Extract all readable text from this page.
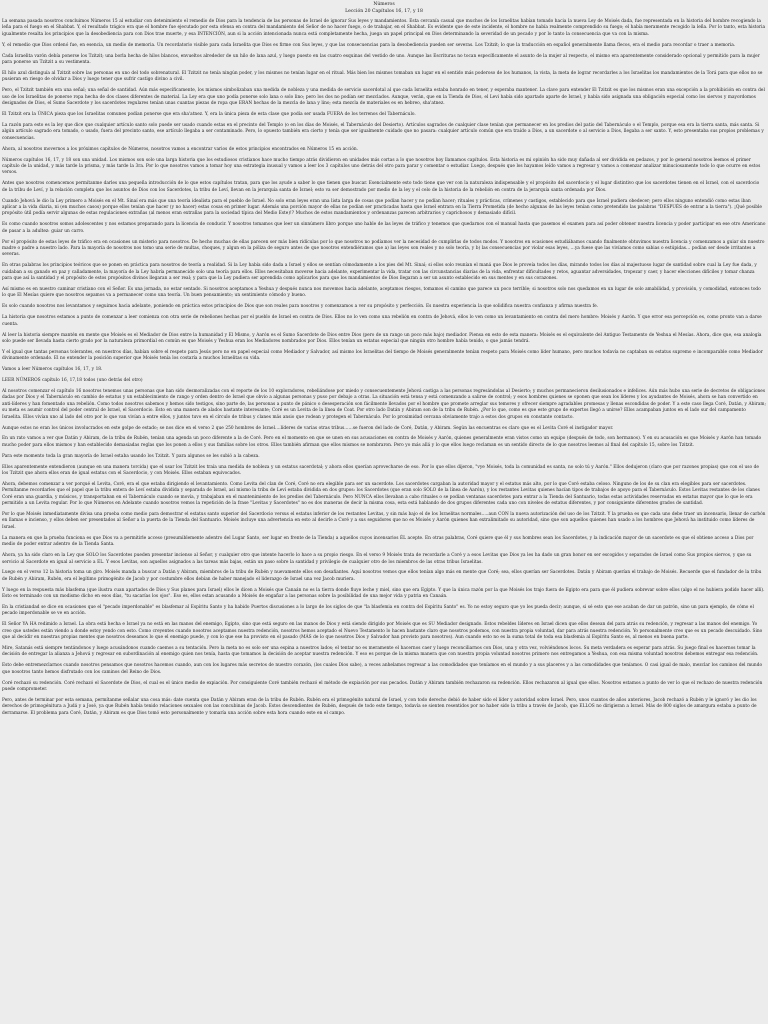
Números
Lección 20 Capítulos 16, 17, y 18

La semana pasada nosotros concluimos Números 15 al estudiar con detenimiento el remedio de Dios para la tendencia de las personas de Israel de ignorar Sus leyes y mandamientos. Esta cercanía casual que muchos de los Israelitas habían tomado hacia la nueva Ley de Moisés dada, fue representada en la historia del hombre recogiendo la leña para el fuego en el Shabbat. Y, el resultado trágico era que el hombre fue ejecutado por esta ofensa en contra del mandamiento del Señor de no hacer fuego, o de trabajar, en el Shabbat. Es evidente que de este incidente, el hombre no había realmente comprendido su fuego; el había meramente recogido la leña. Por lo tanto, esta historia igualmente resalta los principios que la desobediencia para con Dios trae muerte, y esa INTENCIÓN, aun si la acción intencionada nunca está completamente hecha, juega un papel principal en Dios determinando la severidad de un pecado y por lo tanto la consecuencia que va con la misma.

Y, el remedio que Dios ordenó fue, en esencia, un medio de memoria. Un recordatorio visible para cada Israelita que Dios es firme con Sus leyes, y que las consecuencias para la desobediencia pueden ser severas. Los Tzitzit; lo que la traducción en español generalmente llama flecos, era el medio para recordar o traer a memoria.

Cada Israelita varón debía ponerse los Tzitzit; una borla hecha de hilos blancos, envueltos alrededor de un hilo de lana azul, y luego puesto en las cuatro esquinas del vestido de uno. Aunque las Escrituras no tocan específicamente el asunto de la mujer al respecto, el mismo era aparentemente considerado opcional y permitido para la mujer para ponerse un Tzitzit a su vestimenta.

El hilo azul distinguía al Tzitzit sobre las personas en uno del todo sobrenatural. El Tzitzit no tenía ningún poder, y los mismos no tenían lugar en el ritual. Más bien los mismos tomaban un lugar en el sentido más poderoso de los humanos, la vista, la meta de lograr recordarles a los Israelitas los mandamientos de la Torá para que ellos no se pusieran en riesgo de olvidar a Dios y luego tener que sufrir castigo divino a civil.

Pero, el Tzitzit también era una señal; una señal de santidad. Aún más específicamente, los mismos simbolizaban una medida de nobleza y una medida de servicio sacerdotal al que cada Israelita estaba honrado en tener, y esperaba mantener. La clave para entender El Tzitzit es que los mismos eran una excepción a la prohibición en contra del uso de los Israelitas de ponerse ropa hecha de dos clases diferentes de material. La Ley era que uno podía ponerse solo lana o solo lino; pero los dos no podían ser mezclados. Aunque, verán, que en la Tienda de Dios, el Levi había sido apartado aparte de Israel, y había sido asignada una obligación especial como los siervos y mayordomos designados de Dios, el Sumo Sacerdote y los sacerdotes regulares tenían unas cuantas piezas de ropa que ERAN hechas de la mezcla de lana y lino; esta mezcla de materiales es en hebreo, sha'atnez.

El Tzitzit era la ÚNICA pieza que los Israelitas comunes podían ponerse que era sha'atnez. Y, era la única pieza de esta clase que podía ser usada FUERA de los terrenos del Tabernáculo.

La razón para esto es la ley que dice que cualquier artículo santo solo puede ser usado cuando estas en el precinto del Templo (o en los días de Moisés, el Tabernáculo del Desierto). Artículos sagrados de cualquier clase tenían que permanecer en los predios del patio del Tabernáculo o el Templo, porque esa era la tierra santa, más santa. Si algún artículo sagrado era tomado, o usado, fuera del precinto santo, ese artículo llegaba a ser contaminado. Pero, lo opuesto también era cierto y tenía que ser igualmente cuidado que no pasara: cualquier artículo común que era traído a Dios, a un sacerdote o al servicio a Dios, llegaba a ser santo. Y, esto presentaba sus propios problemas y consecuencias.

Ahora, al nosotros movernos a los próximos capítulos de Números, nosotros vamos a encontrar varios de estos principios encontrados en Números 15 en acción.

Números capítulos 16, 17, y 18 son una unidad. Los mismos son solo una larga historia que los estudiosos cristianos hace mucho tiempo atrás dividieron en unidades más cortas a lo que nosotros hoy llamamos capítulos. Esta historia es mi opinión ha sido muy dañada al ser dividida en pedazos, y por lo general nosotros leemos el primer capítulo de la unidad, y más tarde la prisma, y más tarde la 3ra. Por lo que nosotros vamos a tomar hoy una estrategia inusual y vamos a leer los 3 capítulos uno detrás del otro para parar y comentar o estudiar. Luego, después que los hayamos leído vamos a regresar y vamos a comenzar analizar minuciosamente todo lo que ocurre en estos versos.

Antes que nosotros comencemos permítanme darles una pequeña introducción de lo que estos capítulos tratan, para que los ayude a saber lo que tienen que buscar. Esencialmente esto todo tiene que ver con la naturaleza indispensable y el propósito del sacerdocio y el lugar distintivo que los sacerdotes tienen en el Israel, con el sacerdocio de la tribu de Leví, y la relación completa que los asuntos de Dios con los Sacerdotes, la tribu de Leví, llevan en la jerarquía santa de Israel; esto va ser demostrado por medio de la ley y el celo de la historia de la rebelión en contra de la jerarquía santa ordenada por Dios.

Cuando Jehová le dio la Ley primero a Moisés en el Mt. Sinaí era más que una teoría idealista para el pueblo de Israel. No solo eran leyes eran una lista larga de cosas que podían hacer y no podían hacer; rituales y prácticas, crímenes y castigos, establecido para que Israel pudiera obedecer; pero ellos ninguno entendió como estas iban aplicar a la vida diaria, ni (en muchos casos) porque ellos tenían que hacer (y no hacer) estas cosas en primer lugar. Además una porción mayor de ellas no podían ser practicadas hasta que Israel entrara en la Tierra Prometida (de hecho algunas de las leyes tenían como pretendido las palabras "DESPUÉS de entrar a la tierra"). ¡Qué posible propósito útil podía servir algunas de estas regulaciones extrañas (al menos eran extrañas para la sociedad típica del Medio Este)!? Muchos de estos mandamientos y ordenanzas parecen arbitrarios y caprichosos y demasiado difícil.

Es como cuando nosotros somos adolescentes y nos estamos preparando para la licencia de conducir. Y nosotros tomamos que leer un sinnúmero libro porque uno hable de las leyes de tráfico y tenemos que quedarnos con el manual hasta que pasemos el examen para así poder obtener nuestra licencia y poder participar en ese otro Americano de pasar a la adultez: guiar un carro.

Por el propósito de estas leyes de tráfico era en ocasiones un misterio para nosotros. De hecho muchas de ellas parecen ser más bien ridículas por lo que nosotros no podíamos ver la necesidad de cumplirlas de todos modos. Y nosotros en ocasiones estudiábamos cuando finalmente obtuvimos nuestra licencia y comenzamos a guiar sin nuestro madre o padre a nuestro lado. Para la mayoría de nosotros nos tomo una serie de multas, choques, y algun en la póliza de seguro antes de que nosotros entendiéramos que a) las leyes son reales y no solo teoría, y b) las consecuencias por violar esas leyes, …ya fuese que las vivíamos como sabias o estúpidas… podían ser desde irritantes a severas.

En otras palabras los principios teóricos que se ponen en práctica para nosotros de teoría a realidad. Si la Ley había sido dada a Israel y ellos se sentían cómodamente a los pies del Mt. Sinaí; si ellos solo reunían el maná que Dios le proveía todos los días, mirando todos los días al majestuoso lugar de santidad sobre cual la Ley fue dada, y cuidaban a su ganado en paz y calladamente, la mayoría de la Ley habría permanecido solo una teoría para ellos. Ellos necesitaban moverse hacia adelante, experimentar la vida, tratar con las circunstancias diarias de la vida, enfrentar dificultades y retos, aguantar adversidades, tropezar y caer, y hacer elecciones difíciles y tomar chanza para que así la santidad y el propósito de estos propósitos divinos llegaran a ser real; y para que la Ley pudiera ser aprendida como aplicarlos para que los mandamientos de Dios llegaran a ser un asunto establecido en sus mentes y en sus corazones.

Así mismo es en nuestro caminar cristiano con el Señor. Es una jornada, no estar sentado. Si nosotros aceptamos a Yeshua y después nunca nos movemos hacia adelante, aceptamos riesgos, tomamos el camino que parece un poco terrible; si nosotros solo nos quedamos en un lugar de solo amabilidad, y provisión, y comodidad, entonces todo lo que El Mesías quiere que nosotros sepamos va a permanecer como una teoría. Un buen pensamiento; un sentimiento cómodo y bueno.

Es solo cuando nosotros nos levantamos y seguimos hacia adelante, poniendo en práctica estos principios de Dios que son reales para nosotros y comenzamos a ver su propósito y perfección. Es nuestra experiencia la que solidifica nuestra confianza y afirma nuestra fe.

La historia que nosotros estamos a punto de comenzar a leer comienza con otra serie de rebeliones hechas por el pueblo de Israel en contra de Dios. Ellos no lo ven como una rebelión en contra de Jehová, ellos lo ven como un levantamiento en contra del mero hombre: Moisés y Aarón. Y que error esa percepción es, como pronto van a darse cuenta.

Al leer la historia siempre mantén en mente que Moisés es el Mediador de Dios entre la humanidad y El Mismo, y Aarón es el Sumo Sacerdote de Dios entre Dios (pero de un rango un poco más bajo) mediador. Piensa en esto de esta manera: Moisés es el equivalente del Antiguo Testamento de Yeshua el Mesías. Ahora, dice que, esa analogía solo puede ser llevada hasta cierto grado por la naturaleza primordial en común es que Moisés y Yeshua eran los Mediadores nombrados por Dios. Ellos tenían un estatus especial que ningún otro hombre había tenido, o que jamás tendrá.

Y el igual que tantas personas tolerantes, en nuestros días, habían sobre el respeto para Jesús pero no en papel especial como Mediador y Salvador, así mismo los Israelitas del tiempo de Moisés generalmente tenían respeto para Moisés como líder humano, pero muchos todavía no captaban su estatus supremo e incomparable como Mediador divinamente ordenado. El no entender la posición superior que Moisés tenía los costaría a muchos Israelitas su vida.

Vamos a leer Números capítulos 16, 17, y 18.

LEER NÚMEROS capítulo 16, 17,18 todos (uno detrás del otro)

Al nosotros comenzar el capítulo 16 nosotros tenemos unas personas que han sido desmoralizadas con el reporte de los 10 exploradores, rebeliándose por miedo y consecuentemente Jehová castiga a las personas regresándolas al Desierto; y muchos permanecieron desilusionados e infelices. Aún más hubo una serie de decretos de obligaciones dadas por Dios y el Tabernáculo en cambio de estatus y un establecimiento de rango y orden dentro de Israel que obvio a algunas personas y puso por debajo a otras. La situación está tensa y está comenzando a salirse de control; y esos hombres quienes se oponen que sean los líderes y los ayudantes de Moisés, ahora se han convertido en anti-líderes y han fomentado una rebelión. Como todos nosotros sabemos y hemos sido testigos, sino parte de, las personas a punto de pánico o desesperación son fácilmente llevados por el hombre que promete arreglar sus temores y ofrecer siempre agradables promesas y llenas escondidas de poder. Y a este caso llega Coré, Datán, y Abiram; su meta es asumir control del poder central de Israel, el Sacerdocio. Esto en una manera de alados bastante interesante; Coré es un Levita de la línea de Coat. Por otro lado Datán y Abiram son de la tribu de Rubén. ¿Por lo que, como es que este grupo de expertos llegó a unirse? Ellos acampaban juntos en el lado sur del campamento Israelita. Ellos vivían uno al lado del otro por lo que van vivían a entre ellos, y juntos tuvo en el círculo de tribus y clanes más ansio que rodean y protegen el Tabernáculo. Por lo proximidad cercana obviamente trajo a estos dos grupos en constante contacto.

Aunque estos no eran los únicos involucrados en este golpe de estado; se nos dice en el verso 2 que 250 hombres de Israel….líderes de varias otras tribus……se fueron del lado de Coré, Datán, y Abiram. Según las encuentras es claro que es el Levita Coré el instigador mayor.

En un rato vamos a ver que Datán y Abiram, de la tribu de Rubén, tenían una agenda un poco diferente a la de Coré. Pero en el momento en que se unen en sus acusaciones en contra de Moisés y Aarón, quienes generalmente eran vistos como un equipo (después de todo, son hermanos). Y en su acusación es que Moisés y Aarón han tomado mucho poder para ellos mismos y han establecido demasiadas reglas que los ponen a ellos y sus familias sobre los otros. Ellos también afirman que ellos mismos se nombraron. Pero yo más allá y lo que ellos luego reclaman es un sentido directo de lo que nosotros leemos al final del capítulo 15, sobre los Tzitzit.

Para este momento toda la gran mayoría de Israel estaba usando los Tzitzit. Y para algunos se les subió a la cabeza.

Ellos aparentemente entendieron (aunque en una manera torcida) que el usar los Tzitzit les traía una medida de nobleza y un estatus sacerdotal; y ahora ellos querían aprovecharse de eso. Por lo que ellos dijeron, "vye Moisés, toda la comunidad es santa, no solo tú y Aarón." Ellos dedujeron (claro que por razones propias) que con el uso de los Tzitzit que ahora ellos eran de igual estatus con el Sacerdocio, y con Moisés. Ellos estaban equivocados.

Ahora, debemos comenzar a ver porqué el Levita, Coré, era el que estaba dirigiendo el levantamiento. Como Levita del clan de Coré, Coré no era elegible para ser un sacerdote. Los sacerdotes cargaban la autoridad mayor y el estatus más alto, por lo que Coré estaba celoso. Ninguno de los de su clan era elegibles para ser sacerdotes. Permítanme recordarles que el papel que la tribu entera de Leví estaba dividida y separada de Israel, así mismo la tribu de Leví estaba dividida en dos grupos: los Sacerdotes (que eran solo SOLO de la línea de Aarón), y los restantes Levitas quienes hacían tipos de trabajos de apoyo para el Tabernáculo. Estos Levitas restantes de los clanes Coré eran una guardia, y músicos, y transportaban en el Tabernáculo cuando se movía, y trabajaban en el mantenimiento de los predios del Tabernáculo. Pero NUNCA ellos llevaban a cabo rituales o se podían ventanas sacerdotes para entrar a la Tienda del Santuario, todas estas actividades reservadas en estatus mayor que lo que le era permitido a un Levita regular. Por lo que Números en Adelante cuando nosotros vemos la repetición de la frase "Levitas y Sacerdotes" no es dos maneras de decir la misma cosa, esta está hablando de dos grupos diferentes cada uno con niveles de estatus diferentes, y por consiguiente diferentes grados de santidad.

Por lo que Moisés inmediatamente divisa una prueba como medio para demostrar el estatus santo superior del Sacerdocio versus el estatus inferior de los restantes Levitas, y sin más bajo el de los Israelitas normales…..aun CON la nueva autorización del uso de los Tzitzit. Y la prueba es que cada uno debe traer un incensario, llenar de carbón en llamas e incienso, y ellos deben ser presentados al Señor a la puerta de la Tienda del Santuario. Moisés incluye una advertencia en esto al decirle a Coré y a sus seguidores que no es Moisés y Aarón quienes han extralimitado su autoridad, sino que son aquellos quienes han usado a los hombres que Jehová ha instituido como líderes de Israel.

La manera en que la prueba funciona es que Dios va a permitirle acceso (presumiblemente adentro del Lugar Santo, ser lugar en frente de la Tienda) a aquellos cuyos incensarios ÉL acepte. En otras palabras, Coré quiere que él y sus hombres sean los Sacerdotes, y la indicación mayor de un sacerdote es que el obtiene acceso a Dios por medio de poder entrar adentro de la Tienda Santa.

Ahora, ya ha sido claro en la Ley que SOLO los Sacerdotes pueden presentar incienso al Señor, y cualquier otro que intente hacerlo lo hace a su propio riesgo. En el verso 9 Moisés trata de recordarle a Coré y a esos Levitas que Dios ya les ha dado un gran honor en ser escogidos y separados de Israel como Sus propios siervos, y que su servicio al Sacerdote en igual al servicio a EL. Y esos Levitas, son aquellos asignados a las tareas más bajas, están un paso sobre la santidad y privilegio de cualquier otro de los miembros de las otras tribus Israelitas.

Luego en el verso 12 la historia toma un giro. Moisés manda a buscar a Datán y Abiram, miembros de la tribu de Rubén y nuevamente ellos son desafiantes. Aquí nosotros vemos que ellos tenían algo más en mente que Coré; sea, ellos querían ser Sacerdotes. Datán y Abiram querían el trabajo de Moisés. Recuerde que el fundador de la tribu de Rubén y Abiram, Rubén, era el legítimo primogénito de Jacob y por costumbre ellos debían de haber manejado el liderazgo de Israel una vez Jacob muriera.

Y luego en la respuesta más blasfema (que ilustra cuan apartados de Dios y Sus planes para Israel) ellos le dicen a Moisés que Canaán no es la tierra donde fluye leche y miel, sino que era Egipto. Y que la única razón por la que Moisés los trajo fuera de Egipto era para que él pudiera sobrevar sobre ellos (algo el no hubiera podido hacer allí). Esto es terminado con un modismo dicho en esos días, "tu sacarías los ojos". Eso es, ellos estan acusando a Moisés de engañar a las personas sobre la posibilidad de una mejor vida y patria en Canaán.

En la cristiandad se dice en ocasiones que el "pecado imperdonable" es blasfemar al Espíritu Santo y ha habido Puertos discusiones a lo largo de los siglos de que "la blasfemia en contra del Espíritu Santo" es. Yo no estoy seguro que yo les pueda decir; aunque, si sé esto que ese acaban de dar un patrón, sino un para ejemplo, de cómo el pecado imperdonable se ve en acción.

El Señor YA HA redimido a Israel. La obra está hecha e Israel ya no está en las manos del enemigo, Egipto, sino que está seguro en las manos de Dios y está siendo dirigido por Moisés que es SU Mediador designado. Estos rebeldes líderes en Israel dicen que ellos desean del para atrás su redención, y regresar a las manos del enemigo. Yo creo que ustedes están viendo a donde estoy yendo con esto. Como creyentes cuando nosotros aceptamos nuestra redención, nosotros hemos aceptado el Nuevo Testamento lo hacen bastante claro que nosotros podemos, con nuestra propia voluntad, dar para atrás nuestra redención. Yo personalmente creo que es un pecado descuidado. Sino que al decidir en nuestras propias mentes que nosotros deseamos lo que el enemigo puede, y con lo que ese ha provisto en el pasado (MÁS de lo que nosotros Dios y Salvador han provisto para nosotros). Aun cuando esto no es la suma total de toda esa blasfemia al Espíritu Santo es, al menos en buena parte.

Mire, Satanás está siempre tentándonos y luego acusándonos cuando caemos a su tentación. Pero la meta no es solo ser una espina a nuestros lados; el tentar no es meramente el hacernos caer y luego reconciliarnos con Dios, una y otra vez, volviéndonos locos. Su meta verdadera es esperar para atrás. Su juego final es hacernos tomar la decisión de entregar la alianza a Jehová y regresar en subordinación al enemigo quien nos tenía, hasta que tomamos la decisión de aceptar nuestra redención. Y eso es porque de la misma manera que con nuestra propia voluntad nosotros primero nos entregamos a Yeshua, con esa misma voluntad nosotros debemos entregar esa redención.

Esto debe entremezclarnos cuando nosotros pensamos que nosotros hacemos cuando, aun con los lugares más secretos de nuestro corazón, (los cuales Dios sabe), a veces anhelamos regresar a las comodidades que teníamos en el mundo y a sus placeres y a las comodidades que teníamos. O casi igual de malo, mezclar los caminos del mundo que nosotros tanto hemos disfrutado con los caminos del Reino de Dios.

Coré rechazó su redención. Coré rechazó el Sacerdote de Dios, el cual es el único medio de expiación. Por consiguiente Coré también rechazó el método de expiación por sus pecados. Datán y Abiram también rechazaron su redención. Ellos rechazaron al igual que ellos. Nosotros estamos a punto de ver lo que el rechazo de nuestra redención puede comprometer.

Pero, antes de terminar por esta semana, permítanme señalar una cosa más: date cuenta que Datán y Abiram eran de la tribu de Rubén. Rubén era el primogénito natural de Israel, y con todo derecho debió de haber sido el líder y autoridad sobre Israel. Pero, unos cuantos de años anteriores, Jacob rechazó a Rubén y le ignoró y les dio los derechos de primogénitura a Judá y a José, ya que Rubén había tenido relaciones sexuales con las concubinas de Jacob. Estos descendientes de Rubén, después de todo este tiempo, todavía se sienten resentidos por no haber sido la tribu a través de Jacob, que ELLOS no dirigieran a Israel. Más de 800 siglos de amargura estaba a punto de derramarse. El problema para Coré, Datán, y Abiram es que Dios tomó esto personalmente y tomaría una acción sobre esta hora cuando este en el campo.
